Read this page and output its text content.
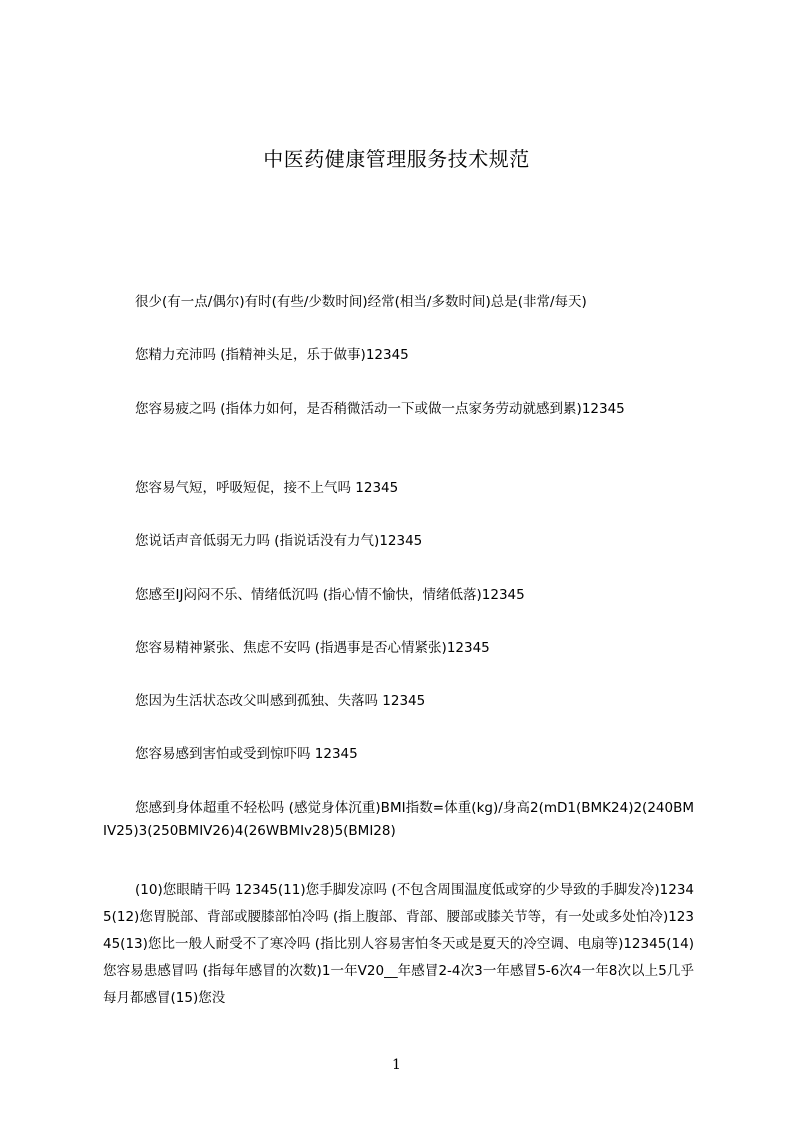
中医药健康管理服务技术规范
很少(有一点/偶尔)有时(有些/少数时间)经常(相当/多数时间)总是(非常/每天)
您精力充沛吗 (指精神头足，乐于做事)12345
您容易疲之吗 (指体力如何，是否稍微活动一下或做一点家务劳动就感到累)12345
您容易气短，呼吸短促，接不上气吗 12345
您说话声音低弱无力吗 (指说话没有力气)12345
您感至IJ闷闷不乐、情绪低沉吗 (指心情不愉快，情绪低落)12345
您容易精神紧张、焦虑不安吗 (指遇事是否心情紧张)12345
您因为生活状态改父叫感到孤独、失落吗 12345
您容易感到害怕或受到惊吓吗 12345
您感到身体超重不轻松吗 (感觉身体沉重)BMI指数=体重(kg)/身高2(mD1(BMK24)2(240BMIV25)3(250BMIV26)4(26WBMIv28)5(BMI28)
(10)您眼睛干吗 12345(11)您手脚发凉吗 (不包含周围温度低或穿的少导致的手脚发冷)12345(12)您胃脱部、背部或腰膝部怕冷吗 (指上腹部、背部、腰部或膝关节等，有一处或多处怕冷)12345(13)您比一般人耐受不了寒冷吗 (指比别人容易害怕冬天或是夏天的冷空调、电扇等)12345(14)您容易患感冒吗 (指每年感冒的次数)1一年V20__年感冒2-4次3一年感冒5-6次4一年8次以上5几乎每月都感冒(15)您没
1
